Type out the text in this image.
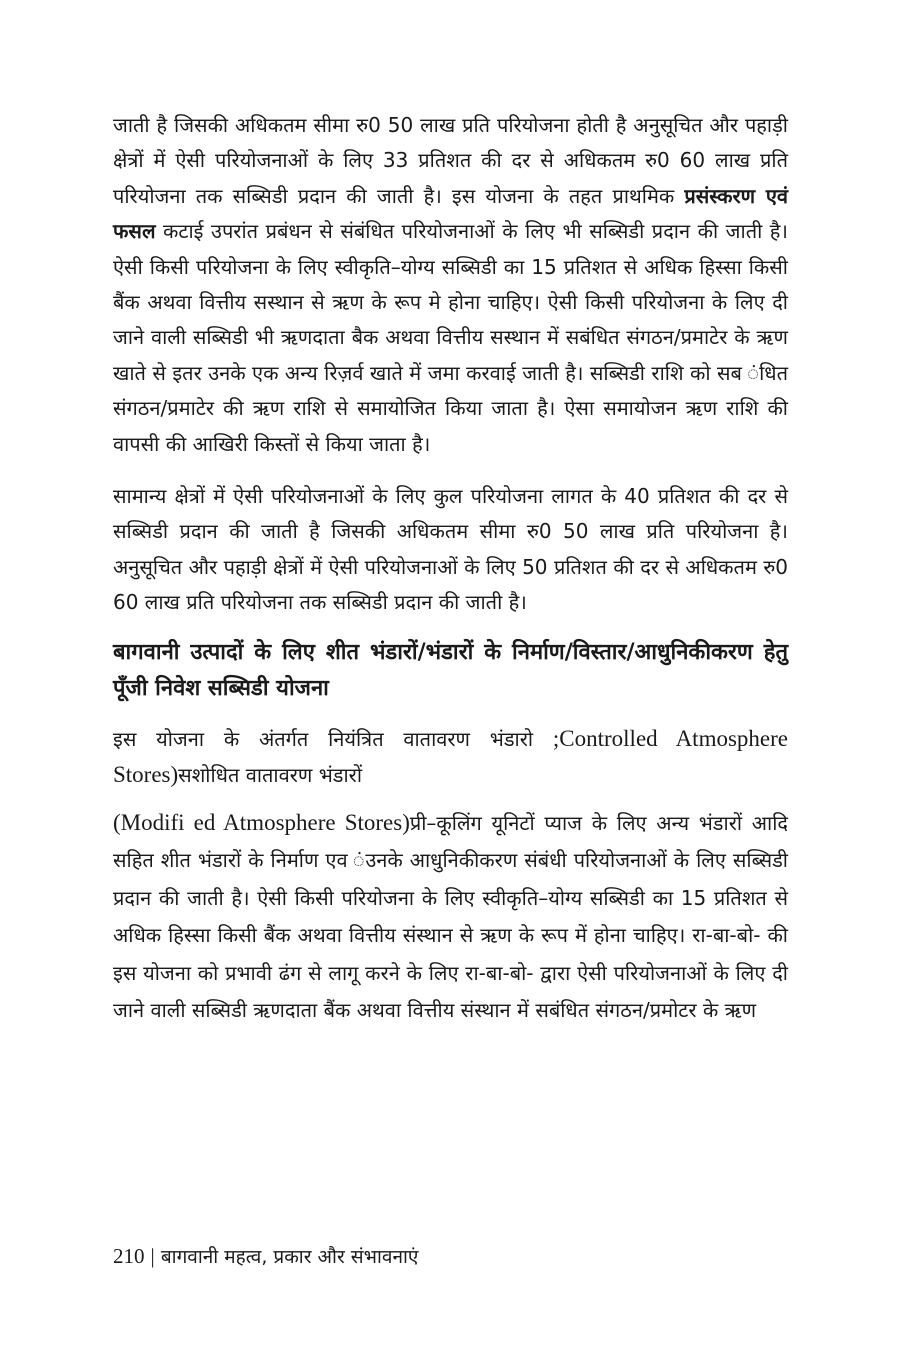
जाती है जिसकी अधिकतम सीमा रु0 50 लाख प्रति परियोजना होती है अनुसूचित और पहाड़ी क्षेत्रों में ऐसी परियोजनाओं के लिए 33 प्रतिशत की दर से अधिकतम रु0 60 लाख प्रति परियोजना तक सब्सिडी प्रदान की जाती है। इस योजना के तहत प्राथमिक प्रसंस्करण एवं फसल कटाई उपरांत प्रबंधन से संबंधित परियोजनाओं के लिए भी सब्सिडी प्रदान की जाती है। ऐसी किसी परियोजना के लिए स्वीकृति–योग्य सब्सिडी का 15 प्रतिशत से अधिक हिस्सा किसी बैंक अथवा वित्तीय सस्थान से ऋण के रूप मे होना चाहिए। ऐसी किसी परियोजना के लिए दी जाने वाली सब्सिडी भी ऋणदाता बैक अथवा वित्तीय सस्थान में सबंधित संगठन/प्रमाटेर के ऋण खाते से इतर उनके एक अन्य रिज़र्व खाते में जमा करवाई जाती है। सब्सिडी राशि को सब ंधित संगठन/प्रमाटेर की ऋण राशि से समायोजित किया जाता है। ऐसा समायोजन ऋण राशि की वापसी की आखिरी किस्तों से किया जाता है।

सामान्य क्षेत्रों में ऐसी परियोजनाओं के लिए कुल परियोजना लागत के 40 प्रतिशत की दर से सब्सिडी प्रदान की जाती है जिसकी अधिकतम सीमा रु0 50 लाख प्रति परियोजना है। अनुसूचित और पहाड़ी क्षेत्रों में ऐसी परियोजनाओं के लिए 50 प्रतिशत की दर से अधिकतम रु0 60 लाख प्रति परियोजना तक सब्सिडी प्रदान की जाती है।

बागवानी उत्पादों के लिए शीत भंडारों/भंडारों के निर्माण/विस्तार/आधुनिकीकरण हेतु पूँजी निवेश सब्सिडी योजना

इस योजना के अंतर्गत नियंत्रित वातावरण भंडारो ;Controlled Atmosphere Stores)सशोधित वातावरण भंडारों

(Modifi ed Atmosphere Stores)प्री–कूलिंग यूनिटों प्याज के लिए अन्य भंडारों आदि सहित शीत भंडारों के निर्माण एव ंउनके आधुनिकीकरण संबंधी परियोजनाओं के लिए सब्सिडी प्रदान की जाती है। ऐसी किसी परियोजना के लिए स्वीकृति–योग्य सब्सिडी का 15 प्रतिशत से अधिक हिस्सा किसी बैंक अथवा वित्तीय संस्थान से ऋण के रूप में होना चाहिए। रा-बा-बो- की इस योजना को प्रभावी ढंग से लागू करने के लिए रा-बा-बो- द्वारा ऐसी परियोजनाओं के लिए दी जाने वाली सब्सिडी ऋणदाता बैंक अथवा वित्तीय संस्थान में सबंधित संगठन/प्रमोटर के ऋण

210 | बागवानी महत्व, प्रकार और संभावनाएं
